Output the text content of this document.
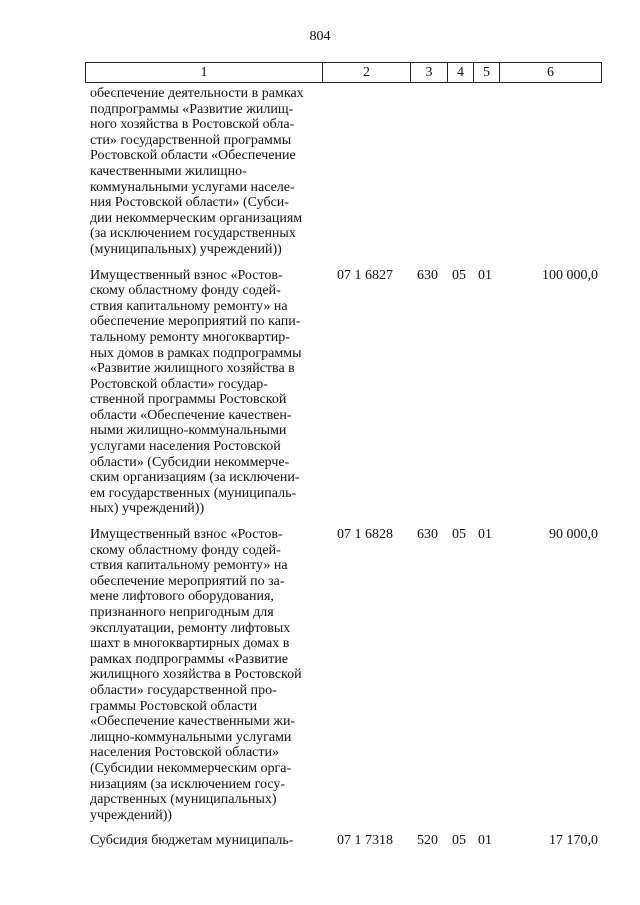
804
1	2	3	4	5	6
обеспечение деятельности в рамках
подпрограммы «Развитие жилищ-
ного хозяйства в Ростовской обла-
сти» государственной программы
Ростовской области «Обеспечение
качественными жилищно-
коммунальными услугами населе-
ния Ростовской области» (Субси-
дии некоммерческим организациям
(за исключением государственных
(муниципальных) учреждений))
Имущественный взнос «Ростов-
скому областному фонду содей-
ствия капитальному ремонту» на
обеспечение мероприятий по капи-
тальному ремонту многоквартир-
ных домов в рамках подпрограммы
«Развитие жилищного хозяйства в
Ростовской области» государ-
ственной программы Ростовской
области «Обеспечение качествен-
ными жилищно-коммунальными
услугами населения Ростовской
области» (Субсидии некоммерче-
ским организациям (за исключени-
ем государственных (муниципаль-
ных) учреждений))
07 1 6827	630	05 01	100 000,0
Имущественный взнос «Ростов-
скому областному фонду содей-
ствия капитальному ремонту» на
обеспечение мероприятий по за-
мене лифтового оборудования,
признанного непригодным для
эксплуатации, ремонту лифтовых
шахт в многоквартирных домах в
рамках подпрограммы «Развитие
жилищного хозяйства в Ростовской
области» государственной про-
граммы Ростовской области
«Обеспечение качественными жи-
лищно-коммунальными услугами
населения Ростовской области»
(Субсидии некоммерческим орга-
низациям (за исключением госу-
дарственных (муниципальных)
учреждений))
07 1 6828	630	05 01	90 000,0
Субсидия бюджетам муниципаль-	07 1 7318	520	05 01	17 170,0
